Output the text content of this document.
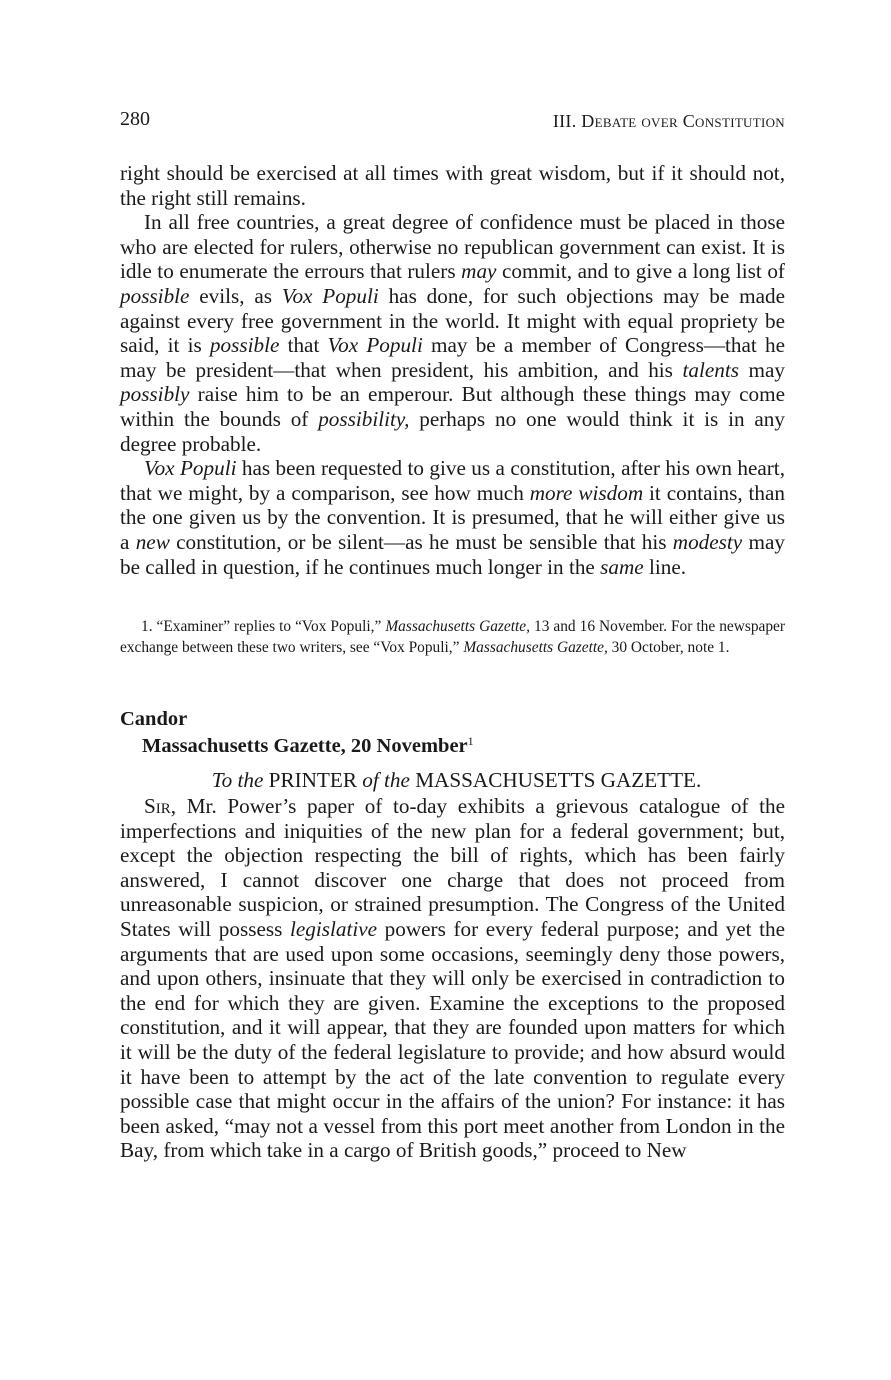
280	III. Debate over Constitution

right should be exercised at all times with great wisdom, but if it should not, the right still remains.

In all free countries, a great degree of confidence must be placed in those who are elected for rulers, otherwise no republican government can exist. It is idle to enumerate the errours that rulers may commit, and to give a long list of possible evils, as Vox Populi has done, for such objections may be made against every free government in the world. It might with equal propriety be said, it is possible that Vox Populi may be a member of Congress—that he may be president—that when president, his ambition, and his talents may possibly raise him to be an emperour. But although these things may come within the bounds of possibility, perhaps no one would think it is in any degree probable.

Vox Populi has been requested to give us a constitution, after his own heart, that we might, by a comparison, see how much more wisdom it contains, than the one given us by the convention. It is presumed, that he will either give us a new constitution, or be silent—as he must be sensible that his modesty may be called in question, if he continues much longer in the same line.

1. “Examiner” replies to “Vox Populi,” Massachusetts Gazette, 13 and 16 November. For the newspaper exchange between these two writers, see “Vox Populi,” Massachusetts Gazette, 30 October, note 1.

Candor
Massachusetts Gazette, 20 November$^1$
To the PRINTER of the MASSACHUSETTS GAZETTE.

Sir, Mr. Power’s paper of to-day exhibits a grievous catalogue of the imperfections and iniquities of the new plan for a federal government; but, except the objection respecting the bill of rights, which has been fairly answered, I cannot discover one charge that does not proceed from unreasonable suspicion, or strained presumption. The Congress of the United States will possess legislative powers for every federal purpose; and yet the arguments that are used upon some occasions, seemingly deny those powers, and upon others, insinuate that they will only be exercised in contradiction to the end for which they are given. Examine the exceptions to the proposed constitution, and it will appear, that they are founded upon matters for which it will be the duty of the federal legislature to provide; and how absurd would it have been to attempt by the act of the late convention to regulate every possible case that might occur in the affairs of the union? For instance: it has been asked, “may not a vessel from this port meet another from London in the Bay, from which take in a cargo of British goods,” proceed to New
